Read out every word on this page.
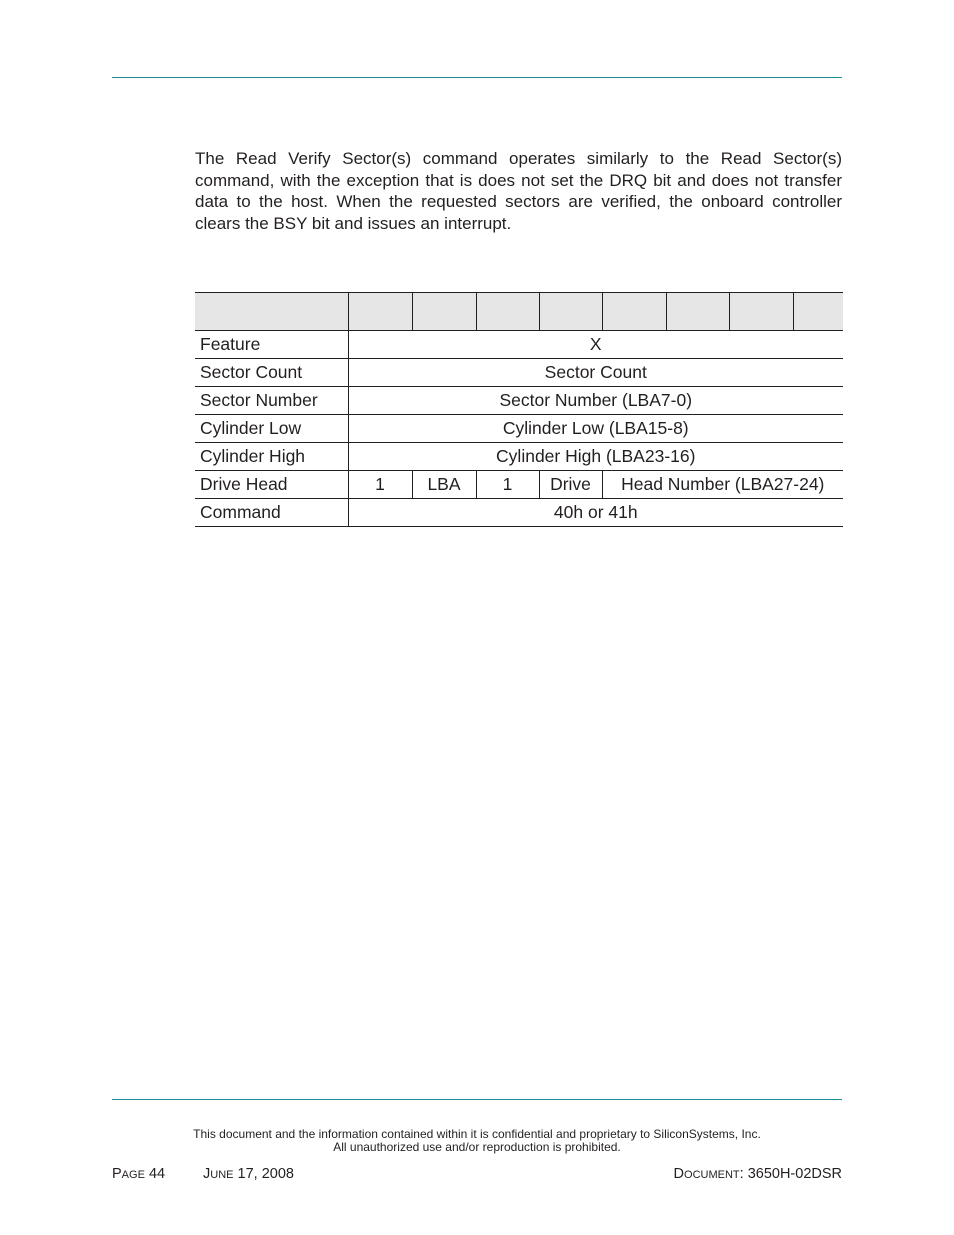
The Read Verify Sector(s) command operates similarly to the Read Sector(s) command, with the exception that is does not set the DRQ bit and does not transfer data to the host. When the requested sectors are verified, the onboard controller clears the BSY bit and issues an interrupt.

Feature	X							
Sector Count	Sector Count							
Sector Number	Sector Number (LBA7-0)							
Cylinder Low	Cylinder Low (LBA15-8)							
Cylinder High	Cylinder High (LBA23-16)							
Drive Head	1	LBA	1	Drive	Head Number (LBA27-24)			
Command	40h or 41h							
This document and the information contained within it is confidential and proprietary to SiliconSystems, Inc.
All unauthorized use and/or reproduction is prohibited.
PAGE 44	JUNE 17, 2008	DOCUMENT: 3650H-02DSR
